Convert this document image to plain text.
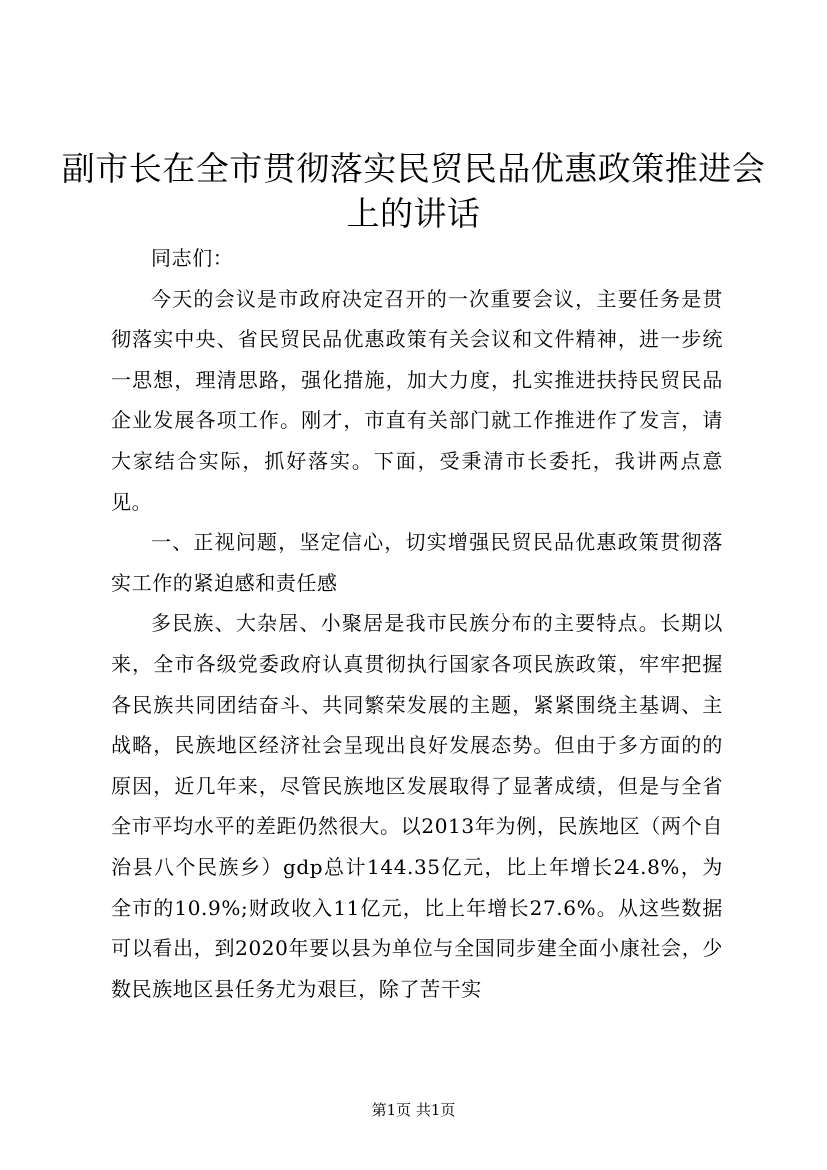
副市长在全市贯彻落实民贸民品优惠政策推进会上的讲话

同志们：

今天的会议是市政府决定召开的一次重要会议，主要任务是贯彻落实中央、省民贸民品优惠政策有关会议和文件精神，进一步统一思想，理清思路，强化措施，加大力度，扎实推进扶持民贸民品企业发展各项工作。刚才，市直有关部门就工作推进作了发言，请大家结合实际，抓好落实。下面，受秉清市长委托，我讲两点意见。

一、正视问题，坚定信心，切实增强民贸民品优惠政策贯彻落实工作的紧迫感和责任感

多民族、大杂居、小聚居是我市民族分布的主要特点。长期以来，全市各级党委政府认真贯彻执行国家各项民族政策，牢牢把握各民族共同团结奋斗、共同繁荣发展的主题，紧紧围绕主基调、主战略，民族地区经济社会呈现出良好发展态势。但由于多方面的的原因，近几年来，尽管民族地区发展取得了显著成绩，但是与全省全市平均水平的差距仍然很大。以2013年为例，民族地区（两个自治县八个民族乡）gdp总计144.35亿元，比上年增长24.8%，为全市的10.9%;财政收入11亿元，比上年增长27.6%。从这些数据可以看出，到2020年要以县为单位与全国同步建全面小康社会，少数民族地区县任务尤为艰巨，除了苦干实

第1页 共1页
